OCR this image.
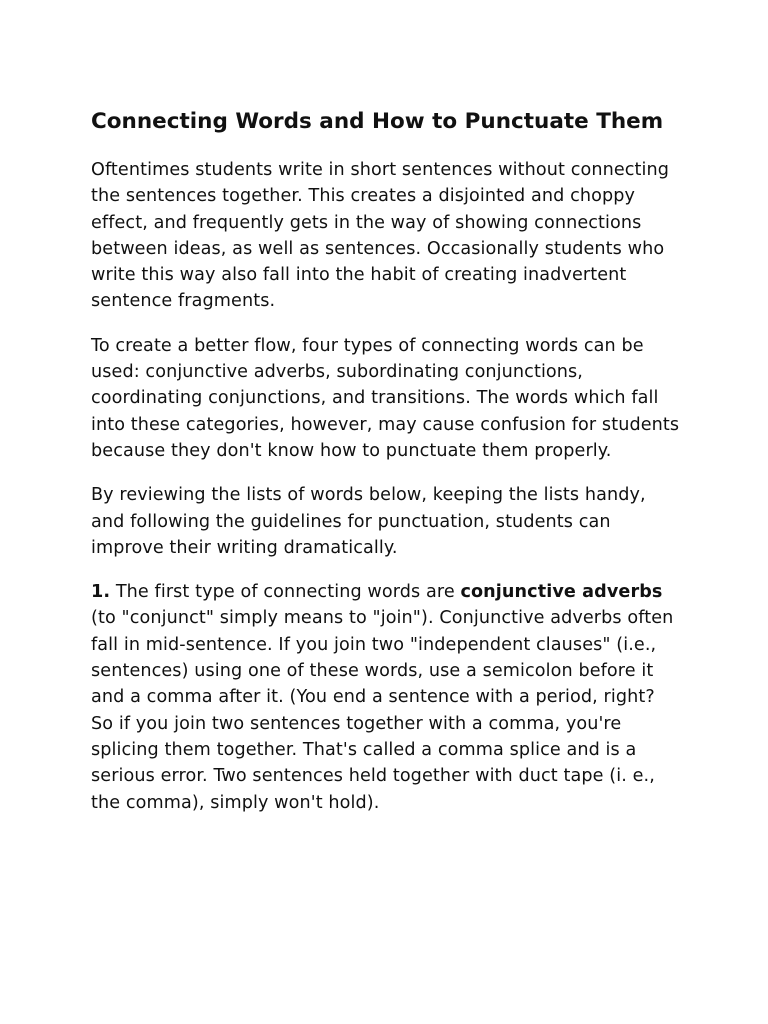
Connecting Words and How to Punctuate Them

Oftentimes students write in short sentences without connecting the sentences together. This creates a disjointed and choppy effect, and frequently gets in the way of showing connections between ideas, as well as sentences. Occasionally students who write this way also fall into the habit of creating inadvertent sentence fragments.

To create a better flow, four types of connecting words can be used: conjunctive adverbs, subordinating conjunctions, coordinating conjunctions, and transitions. The words which fall into these categories, however, may cause confusion for students because they don't know how to punctuate them properly.

By reviewing the lists of words below, keeping the lists handy, and following the guidelines for punctuation, students can improve their writing dramatically.

1. The first type of connecting words are conjunctive adverbs (to "conjunct" simply means to "join"). Conjunctive adverbs often fall in mid-sentence. If you join two "independent clauses" (i.e., sentences) using one of these words, use a semicolon before it and a comma after it. (You end a sentence with a period, right? So if you join two sentences together with a comma, you're splicing them together. That's called a comma splice and is a serious error. Two sentences held together with duct tape (i. e., the comma), simply won't hold).
